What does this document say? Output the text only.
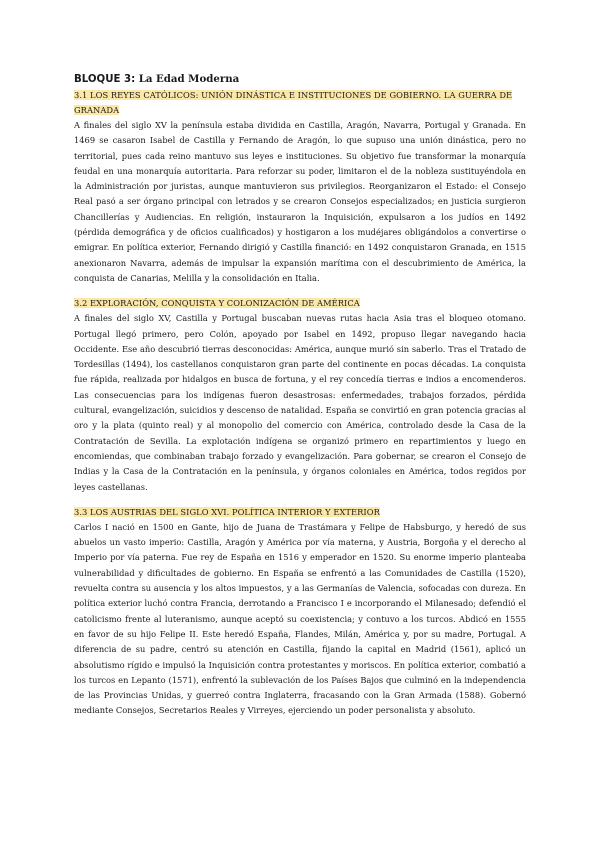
BLOQUE 3: La Edad Moderna
3.1 LOS REYES CATÓLICOS: UNIÓN DINÁSTICA E INSTITUCIONES DE GOBIERNO. LA GUERRA DE GRANADA

A finales del siglo XV la península estaba dividida en Castilla, Aragón, Navarra, Portugal y Granada. En 1469 se casaron Isabel de Castilla y Fernando de Aragón, lo que supuso una unión dinástica, pero no territorial, pues cada reino mantuvo sus leyes e instituciones. Su objetivo fue transformar la monarquía feudal en una monarquía autoritaria. Para reforzar su poder, limitaron el de la nobleza sustituyéndola en la Administración por juristas, aunque mantuvieron sus privilegios. Reorganizaron el Estado: el Consejo Real pasó a ser órgano principal con letrados y se crearon Consejos especializados; en justicia surgieron Chancillerías y Audiencias. En religión, instauraron la Inquisición, expulsaron a los judíos en 1492 (pérdida demográfica y de oficios cualificados) y hostigaron a los mudéjares obligándolos a convertirse o emigrar. En política exterior, Fernando dirigió y Castilla financió: en 1492 conquistaron Granada, en 1515 anexionaron Navarra, además de impulsar la expansión marítima con el descubrimiento de América, la conquista de Canarias, Melilla y la consolidación en Italia.

3.2 EXPLORACIÓN, CONQUISTA Y COLONIZACIÓN DE AMÉRICA

A finales del siglo XV, Castilla y Portugal buscaban nuevas rutas hacia Asia tras el bloqueo otomano. Portugal llegó primero, pero Colón, apoyado por Isabel en 1492, propuso llegar navegando hacia Occidente. Ese año descubrió tierras desconocidas: América, aunque murió sin saberlo. Tras el Tratado de Tordesillas (1494), los castellanos conquistaron gran parte del continente en pocas décadas. La conquista fue rápida, realizada por hidalgos en busca de fortuna, y el rey concedía tierras e indios a encomenderos. Las consecuencias para los indígenas fueron desastrosas: enfermedades, trabajos forzados, pérdida cultural, evangelización, suicidios y descenso de natalidad. España se convirtió en gran potencia gracias al oro y la plata (quinto real) y al monopolio del comercio con América, controlado desde la Casa de la Contratación de Sevilla. La explotación indígena se organizó primero en repartimientos y luego en encomiendas, que combinaban trabajo forzado y evangelización. Para gobernar, se crearon el Consejo de Indias y la Casa de la Contratación en la península, y órganos coloniales en América, todos regidos por leyes castellanas.

3.3 LOS AUSTRIAS DEL SIGLO XVI. POLÍTICA INTERIOR Y EXTERIOR

Carlos I nació en 1500 en Gante, hijo de Juana de Trastámara y Felipe de Habsburgo, y heredó de sus abuelos un vasto imperio: Castilla, Aragón y América por vía materna, y Austria, Borgoña y el derecho al Imperio por vía paterna. Fue rey de España en 1516 y emperador en 1520. Su enorme imperio planteaba vulnerabilidad y dificultades de gobierno. En España se enfrentó a las Comunidades de Castilla (1520), revuelta contra su ausencia y los altos impuestos, y a las Germanías de Valencia, sofocadas con dureza. En política exterior luchó contra Francia, derrotando a Francisco I e incorporando el Milanesado; defendió el catolicismo frente al luteranismo, aunque aceptó su coexistencia; y contuvo a los turcos. Abdicó en 1555 en favor de su hijo Felipe II. Este heredó España, Flandes, Milán, América y, por su madre, Portugal. A diferencia de su padre, centró su atención en Castilla, fijando la capital en Madrid (1561), aplicó un absolutismo rígido e impulsó la Inquisición contra protestantes y moriscos. En política exterior, combatió a los turcos en Lepanto (1571), enfrentó la sublevación de los Países Bajos que culminó en la independencia de las Provincias Unidas, y guerreó contra Inglaterra, fracasando con la Gran Armada (1588). Gobernó mediante Consejos, Secretarios Reales y Virreyes, ejerciendo un poder personalista y absoluto.
